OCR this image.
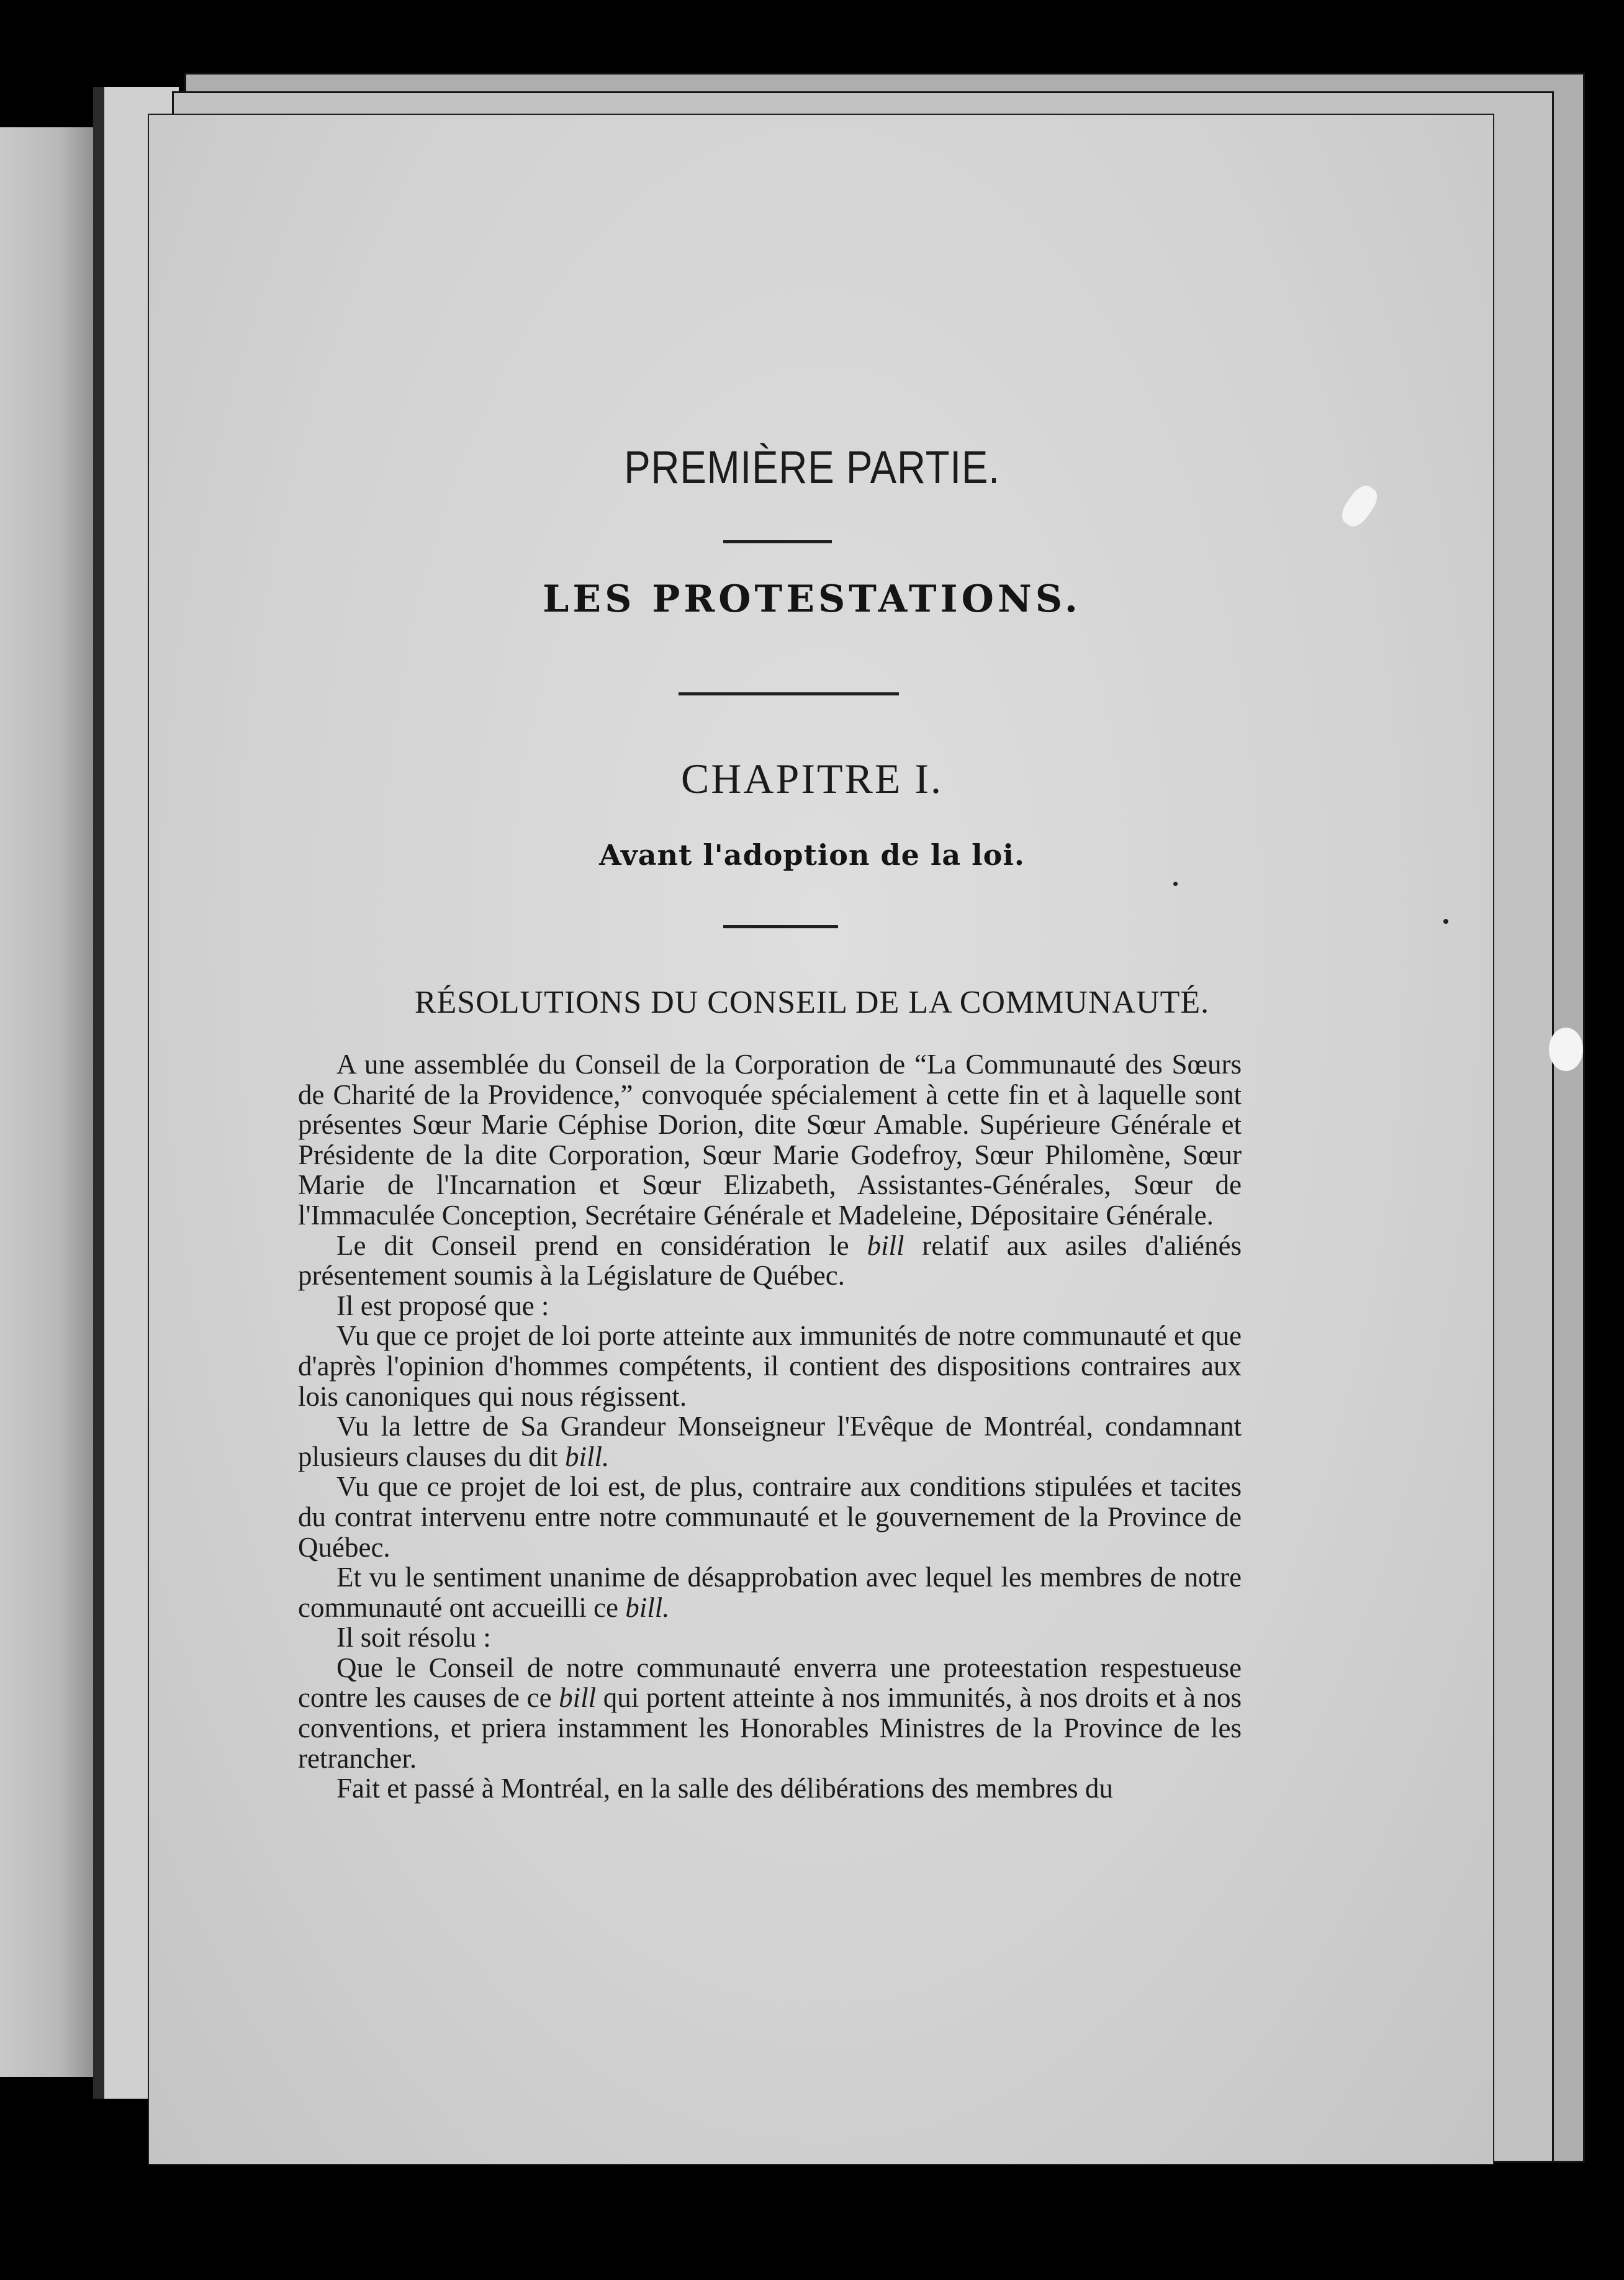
PREMIÈRE PARTIE.
LES PROTESTATIONS.
CHAPITRE I.
Avant l'adoption de la loi.
RÉSOLUTIONS DU CONSEIL DE LA COMMUNAUTÉ.

A une assemblée du Conseil de la Corporation de “La Communauté des Sœurs de Charité de la Providence,” convoquée spécialement à cette fin et à laquelle sont présentes Sœur Marie Céphise Dorion, dite Sœur Amable. Supérieure Générale et Présidente de la dite Corporation, Sœur Marie Godefroy, Sœur Philomène, Sœur Marie de l'Incarnation et Sœur Elizabeth, Assistantes-Générales, Sœur de l'Immaculée Conception, Secrétaire Générale et Madeleine, Dépositaire Générale.

Le dit Conseil prend en considération le bill relatif aux asiles d'aliénés présentement soumis à la Législature de Québec.

Il est proposé que :

Vu que ce projet de loi porte atteinte aux immunités de notre communauté et que d'après l'opinion d'hommes compétents, il contient des dispositions contraires aux lois canoniques qui nous régissent.

Vu la lettre de Sa Grandeur Monseigneur l'Evêque de Montréal, condamnant plusieurs clauses du dit bill.

Vu que ce projet de loi est, de plus, contraire aux conditions stipulées et tacites du contrat intervenu entre notre communauté et le gouvernement de la Province de Québec.

Et vu le sentiment unanime de désapprobation avec lequel les membres de notre communauté ont accueilli ce bill.

Il soit résolu :

Que le Conseil de notre communauté enverra une proteestation respestueuse contre les causes de ce bill qui portent atteinte à nos immunités, à nos droits et à nos conventions, et priera instamment les Honorables Ministres de la Province de les retrancher.

Fait et passé à Montréal, en la salle des délibérations des membres du
